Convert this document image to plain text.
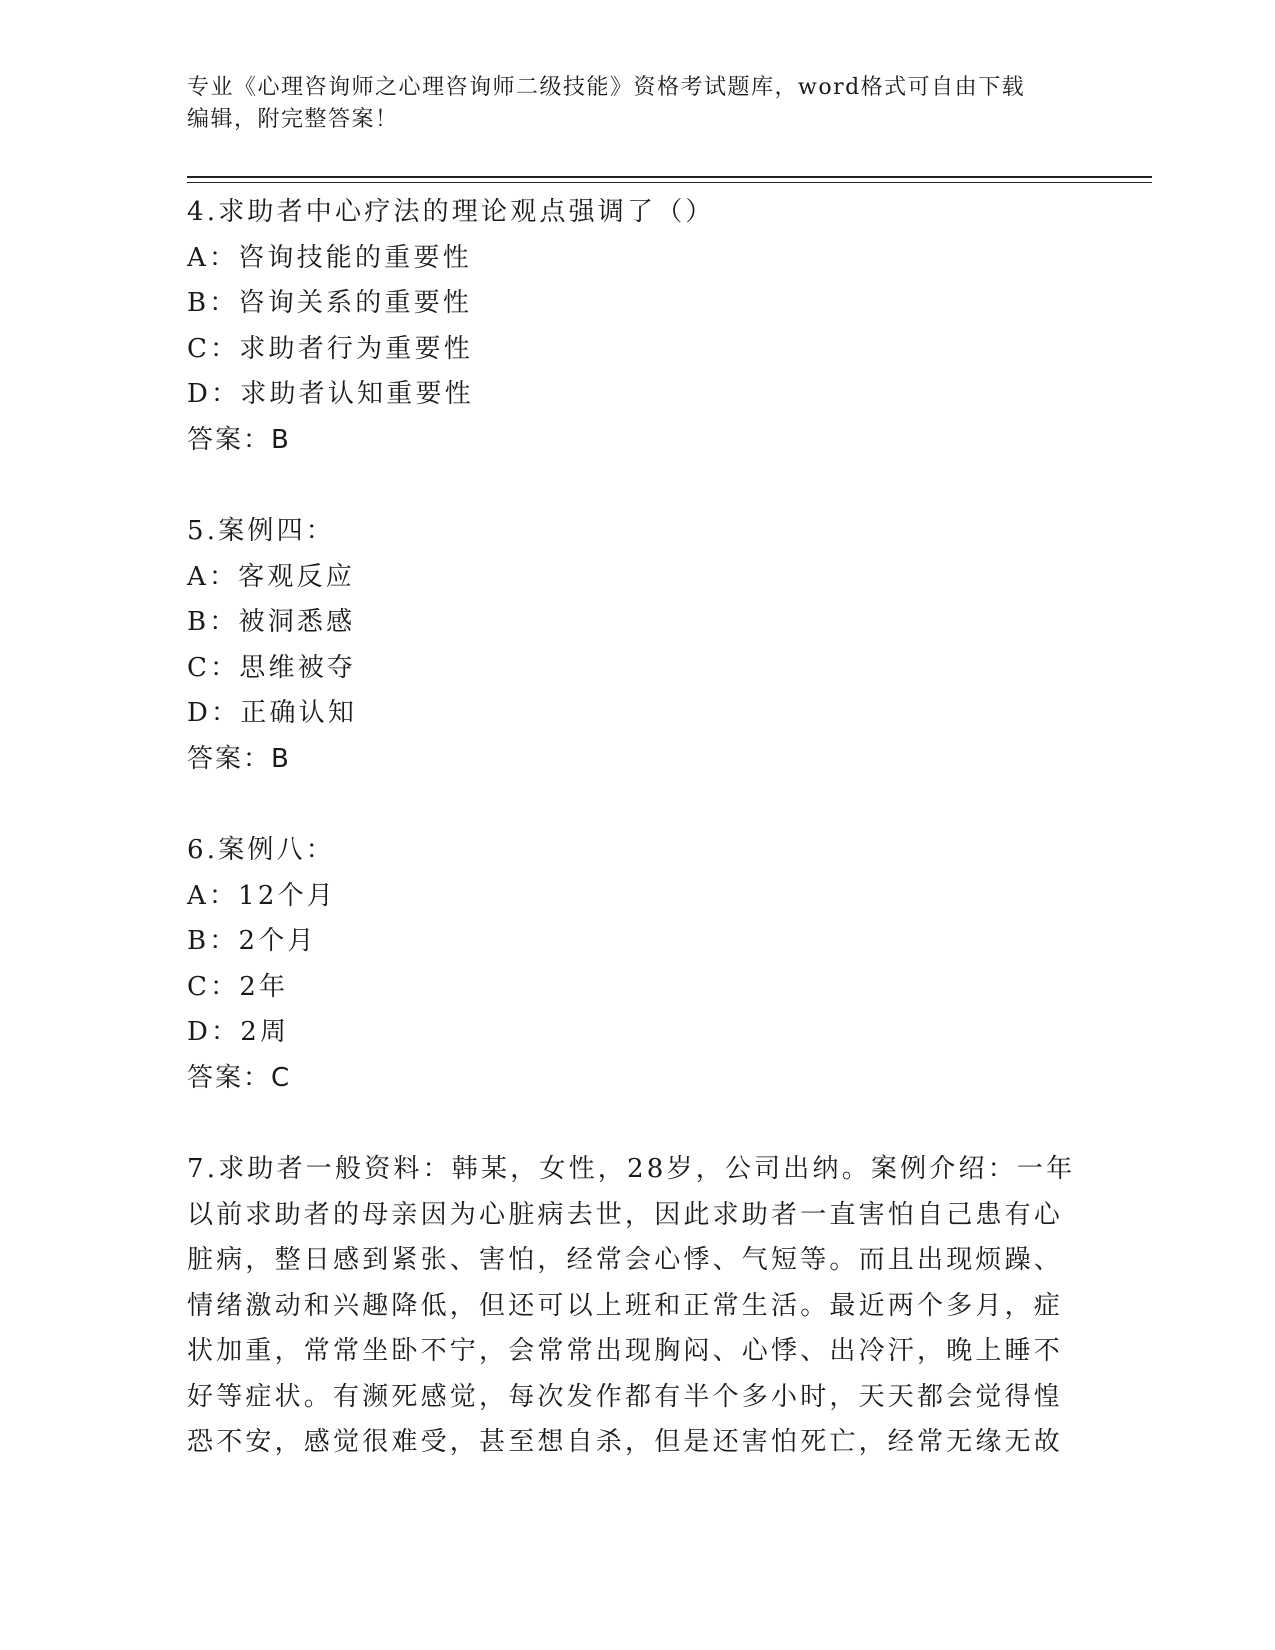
专业《心理咨询师之心理咨询师二级技能》资格考试题库，word格式可自由下载
编辑，附完整答案！
4.求助者中心疗法的理论观点强调了（）
A：咨询技能的重要性
B：咨询关系的重要性
C：求助者行为重要性
D：求助者认知重要性
答案：B
5.案例四：
A：客观反应
B：被洞悉感
C：思维被夺
D：正确认知
答案：B
6.案例八：
A：12个月
B：2个月
C：2年
D：2周
答案：C
7.求助者一般资料：韩某，女性，28岁，公司出纳。案例介绍：一年
以前求助者的母亲因为心脏病去世，因此求助者一直害怕自己患有心
脏病，整日感到紧张、害怕，经常会心悸、气短等。而且出现烦躁、
情绪激动和兴趣降低，但还可以上班和正常生活。最近两个多月，症
状加重，常常坐卧不宁，会常常出现胸闷、心悸、出冷汗，晚上睡不
好等症状。有濒死感觉，每次发作都有半个多小时，天天都会觉得惶
恐不安，感觉很难受，甚至想自杀，但是还害怕死亡，经常无缘无故
